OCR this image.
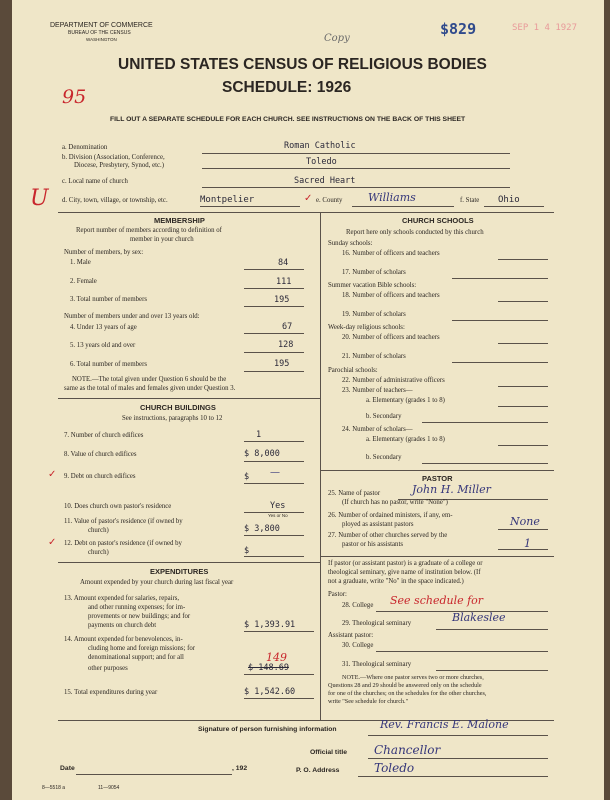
DEPARTMENT OF COMMERCE
BUREAU OF THE CENSUS
WASHINGTON	Copy
$829	SEP 1 4 1927
UNITED STATES CENSUS OF RELIGIOUS BODIES
SCHEDULE: 1926
95
FILL OUT A SEPARATE SCHEDULE FOR EACH CHURCH. SEE INSTRUCTIONS ON THE BACK OF THIS SHEET
a. Denomination	Roman Catholic
b. Division (Association, Conference,
Diocese, Presbytery, Synod, etc.)	Toledo
c. Local name of church	Sacred Heart
U d. City, town, village, or township, etc.	Montpelier	✓ e. County Williams	f. State Ohio
MEMBERSHIP
Report number of members according to definition of
member in your church
Number of members, by sex:
1. Male	84
2. Female	111
3. Total number of members	195
Number of members under and over 13 years old:
4. Under 13 years of age	67
5. 13 years old and over	128
6. Total number of members	195
NOTE.—The total given under Question 6 should be the
same as the total of males and females given under Question 3.
CHURCH BUILDINGS
See instructions, paragraphs 10 to 12
7. Number of church edifices	1
8. Value of church edifices	$ 8,000
✓ 9. Debt on church edifices	$ —
10. Does church own pastor's residence	Yes
Yes or No
11. Value of pastor's residence (if owned by
church)	$ 3,800
✓ 12. Debt on pastor's residence (if owned by
church)	$
EXPENDITURES
Amount expended by your church during last fiscal year
13. Amount expended for salaries, repairs,
and other running expenses; for im-
provements or new buildings; and for
payments on church debt	$ 1,393.91
14. Amount expended for benevolences, in-
cluding home and foreign missions; for
denominational support; and for all
other purposes
149
$ 148.69
15. Total expenditures during year	$ 1,542.60
CHURCH SCHOOLS
Report here only schools conducted by this church
Sunday schools:
16. Number of officers and teachers
17. Number of scholars
Summer vacation Bible schools:
18. Number of officers and teachers
19. Number of scholars
Week-day religious schools:
20. Number of officers and teachers
21. Number of scholars
Parochial schools:
22. Number of administrative officers
23. Number of teachers—
a. Elementary (grades 1 to 8)
b. Secondary
24. Number of scholars—
a. Elementary (grades 1 to 8)
b. Secondary
PASTOR
25. Name of pastor	John H. Miller
(If church has no pastor, write "None")
26. Number of ordained ministers, if any, em-
ployed as assistant pastors	None
27. Number of other churches served by the
pastor or his assistants	1
If pastor (or assistant pastor) is a graduate of a college or
theological seminary, give name of institution below. (If
not a graduate, write "No" in the space indicated.)
Pastor:
28. College See schedule for
29. Theological seminary	Blakeslee
Assistant pastor:
30. College
31. Theological seminary
NOTE.—Where one pastor serves two or more churches,
Questions 28 and 29 should be answered only on the schedule
for one of the churches; on the schedules for the other churches,
write "See schedule for church."
Signature of person furnishing information	Rev. Francis E. Malone
Official title Chancellor
Date	, 192	P. O. Address	Toledo
8—5518 a	11—9054
